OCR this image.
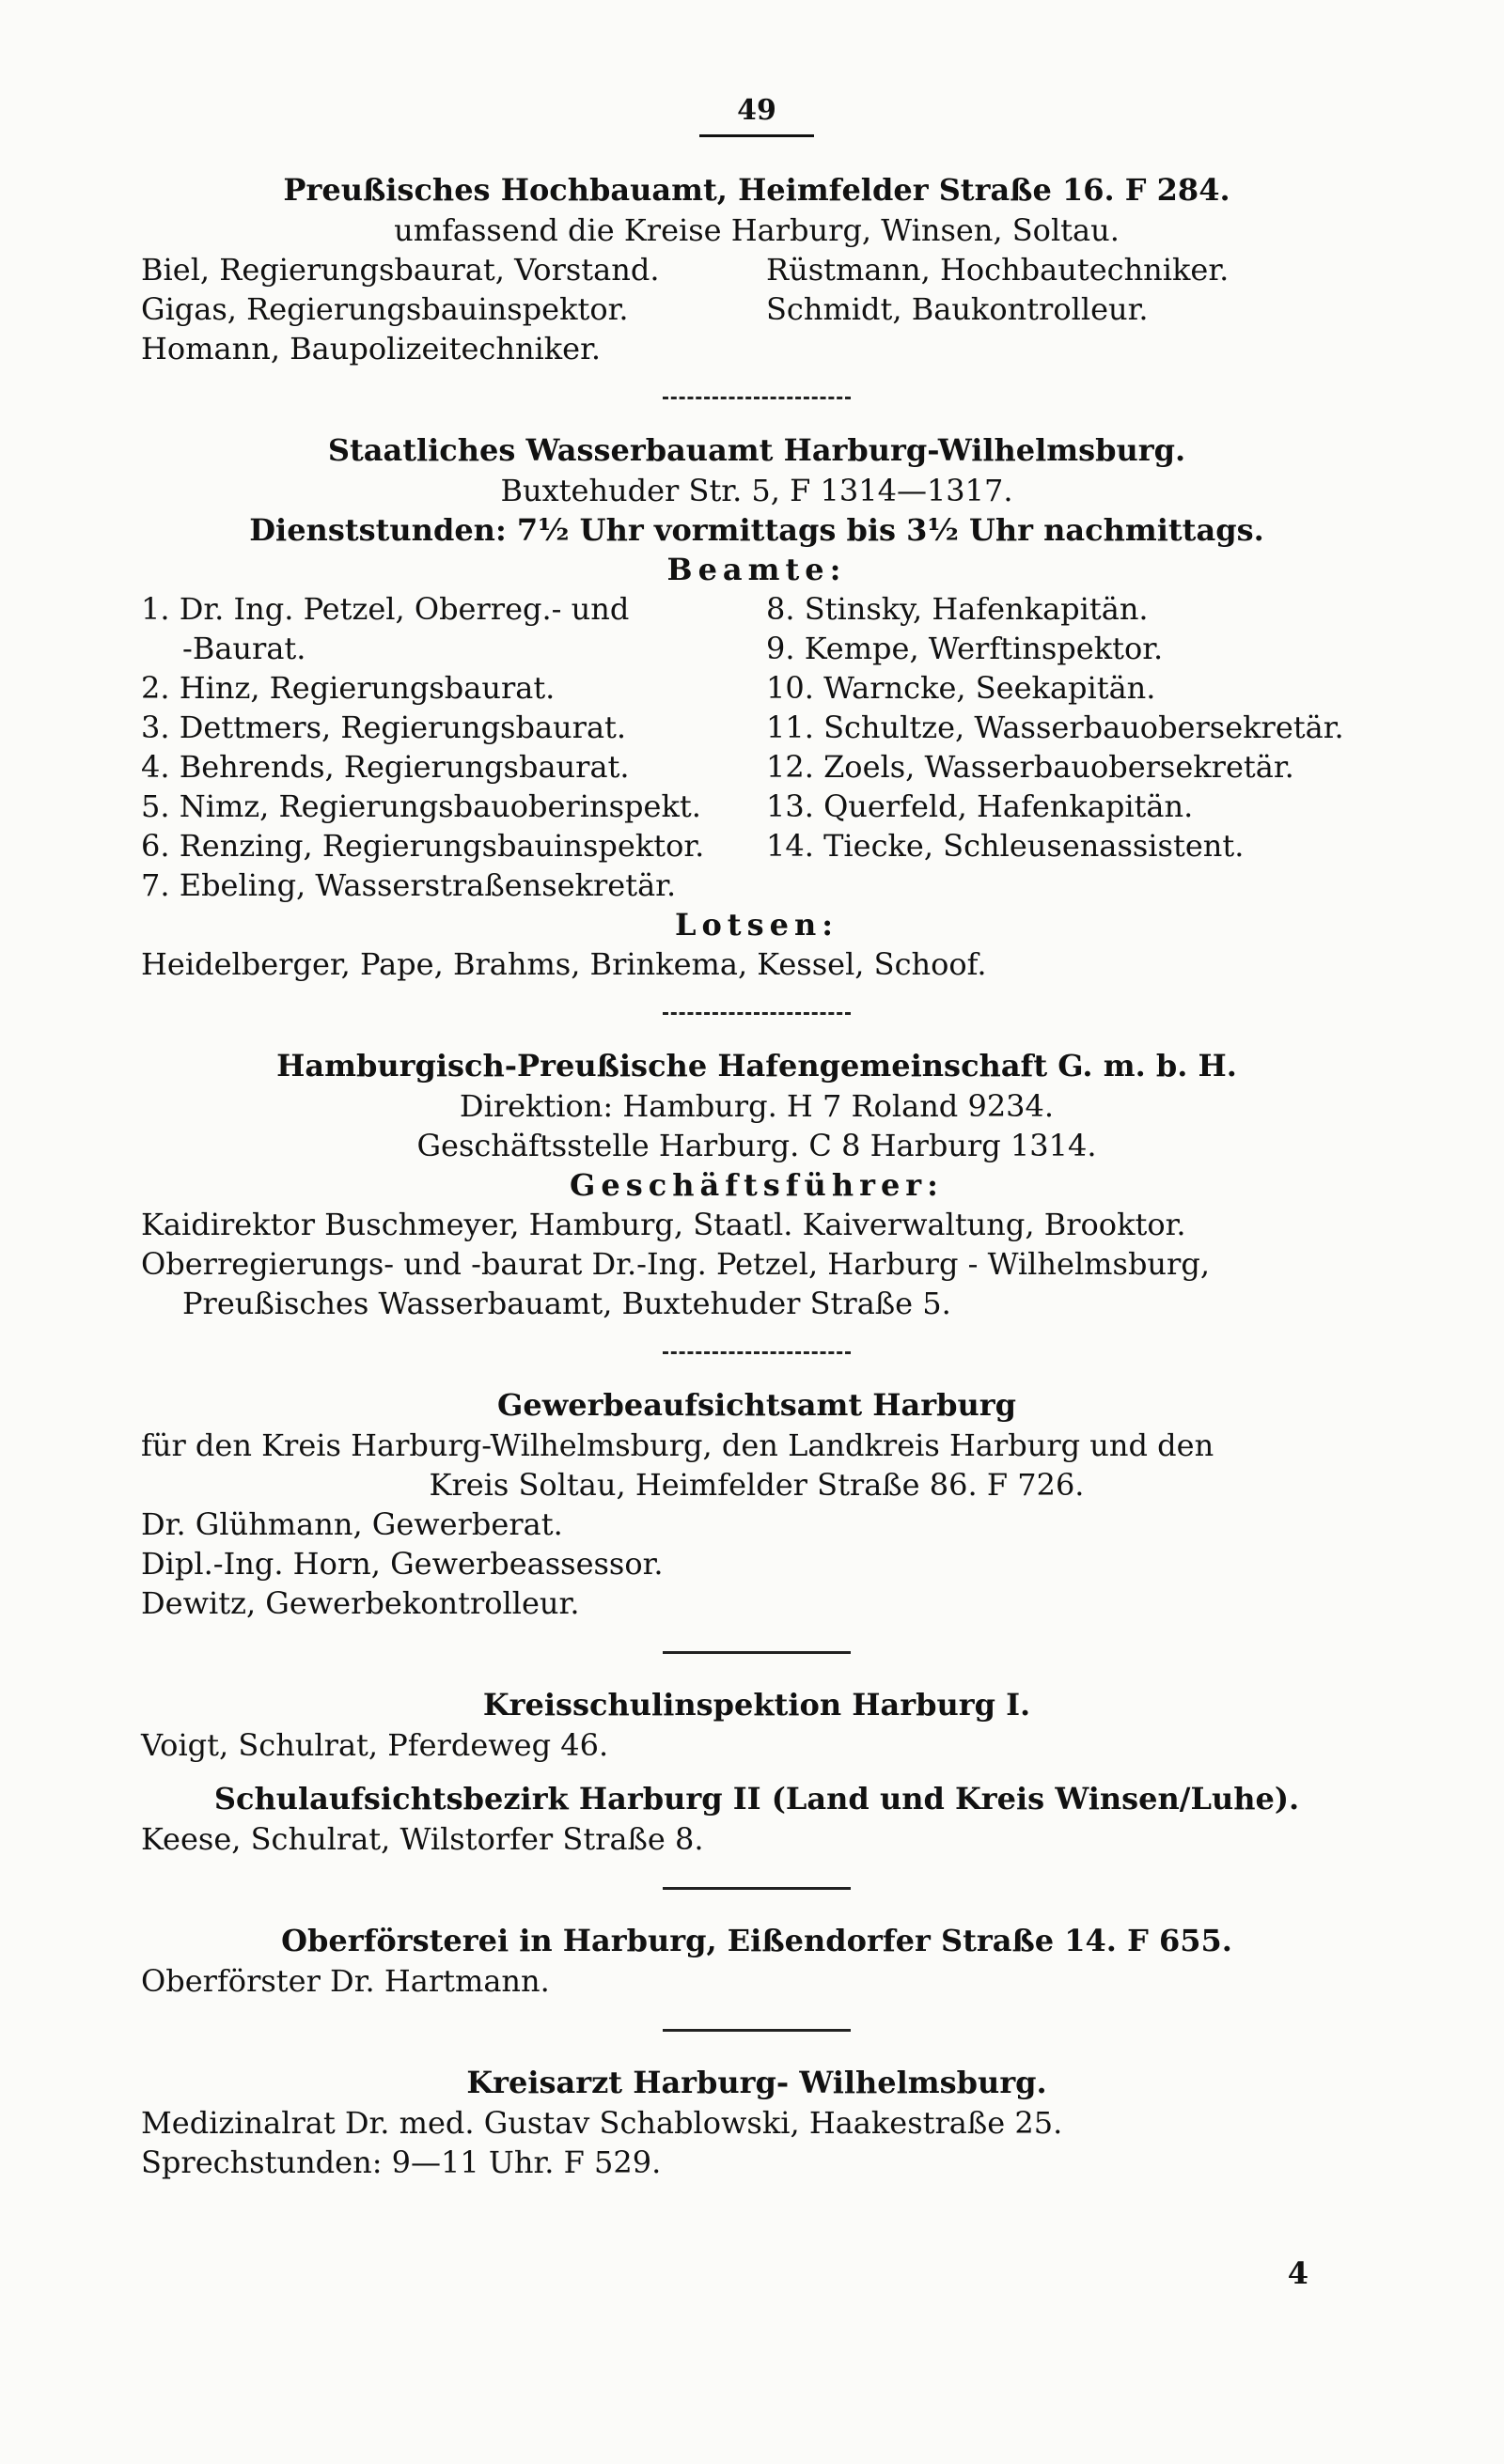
49
Preußisches Hochbauamt, Heimfelder Straße 16. F 284.
umfassend die Kreise Harburg, Winsen, Soltau.
Biel, Regierungsbaurat, Vorstand.
Gigas, Regierungsbauinspektor.
Homann, Baupolizeitechniker.
Rüstmann, Hochbautechniker.
Schmidt, Baukontrolleur.
Staatliches Wasserbauamt Harburg-Wilhelmsburg.
Buxtehuder Str. 5, F 1314—1317.
Dienststunden: 7½ Uhr vormittags bis 3½ Uhr nachmittags.
Beamte:
1. Dr. Ing. Petzel, Oberreg.- und
-Baurat.
2. Hinz, Regierungsbaurat.
3. Dettmers, Regierungsbaurat.
4. Behrends, Regierungsbaurat.
5. Nimz, Regierungsbauoberinspekt.
6. Renzing, Regierungsbauinspektor.
7. Ebeling, Wasserstraßensekretär.
8. Stinsky, Hafenkapitän.
9. Kempe, Werftinspektor.
10. Warncke, Seekapitän.
11. Schultze, Wasserbauobersekretär.
12. Zoels, Wasserbauobersekretär.
13. Querfeld, Hafenkapitän.
14. Tiecke, Schleusenassistent.
Lotsen:
Heidelberger, Pape, Brahms, Brinkema, Kessel, Schoof.
Hamburgisch-Preußische Hafengemeinschaft G. m. b. H.
Direktion: Hamburg. H 7 Roland 9234.
Geschäftsstelle Harburg. C 8 Harburg 1314.
Geschäftsführer:
Kaidirektor Buschmeyer, Hamburg, Staatl. Kaiverwaltung, Brooktor.
Oberregierungs- und -baurat Dr.-Ing. Petzel, Harburg - Wilhelmsburg,
Preußisches Wasserbauamt, Buxtehuder Straße 5.
Gewerbeaufsichtsamt Harburg
für den Kreis Harburg-Wilhelmsburg, den Landkreis Harburg und den
Kreis Soltau, Heimfelder Straße 86. F 726.
Dr. Glühmann, Gewerberat.
Dipl.-Ing. Horn, Gewerbeassessor.
Dewitz, Gewerbekontrolleur.
Kreisschulinspektion Harburg I.
Voigt, Schulrat, Pferdeweg 46.
Schulaufsichtsbezirk Harburg II (Land und Kreis Winsen/Luhe).
Keese, Schulrat, Wilstorfer Straße 8.
Oberförsterei in Harburg, Eißendorfer Straße 14. F 655.
Oberförster Dr. Hartmann.
Kreisarzt Harburg- Wilhelmsburg.
Medizinalrat Dr. med. Gustav Schablowski, Haakestraße 25.
Sprechstunden: 9—11 Uhr. F 529.
4
